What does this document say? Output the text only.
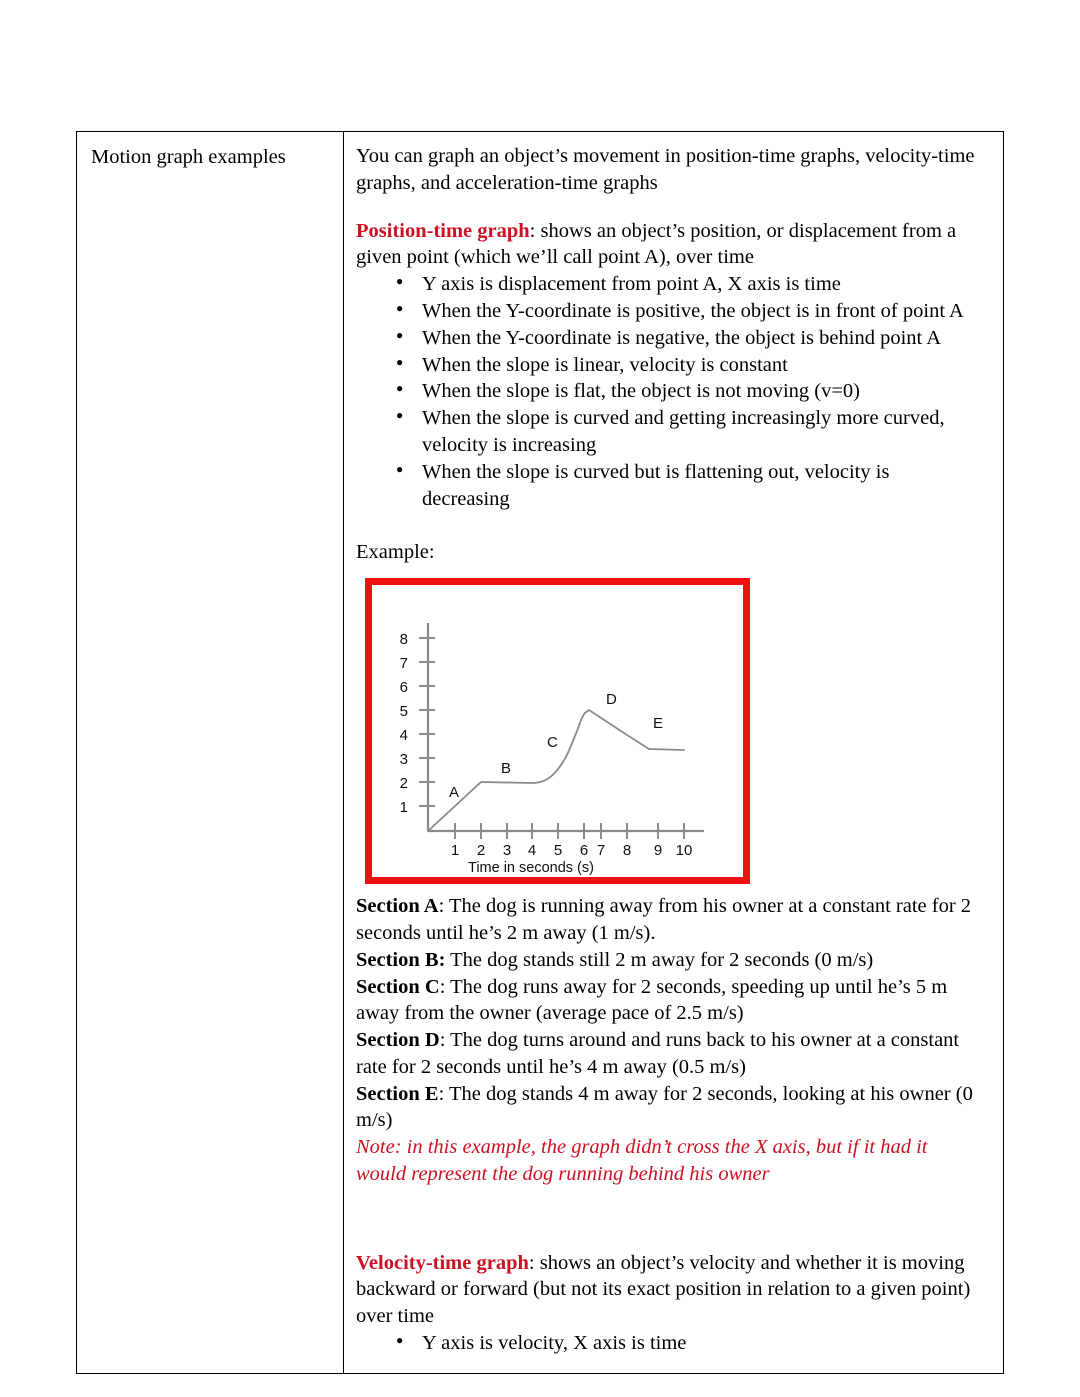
Motion graph examples	You can graph an object’s movement in position-time graphs, velocity-time graphs, and acceleration-time graphs

Position-time graph: shows an object’s position, or displacement from a given point (which we’ll call point A), over time

● Y axis is displacement from point A, X axis is time
● When the Y-coordinate is positive, the object is in front of point A
● When the Y-coordinate is negative, the object is behind point A
● When the slope is linear, velocity is constant
● When the slope is flat, the object is not moving (v=0)
● When the slope is curved and getting increasingly more curved, velocity is increasing
● When the slope is curved but is flattening out, velocity is decreasing

Example:

8
7
6
5
4
3
2
1
1	2	3	4	5	6 7	8	9 10
A
B
C
D
E
Time in seconds (s)

Section A: The dog is running away from his owner at a constant rate for 2 seconds until he’s 2 m away (1 m/s).

Section B: The dog stands still 2 m away for 2 seconds (0 m/s)

Section C: The dog runs away for 2 seconds, speeding up until he’s 5 m away from the owner (average pace of 2.5 m/s)

Section D: The dog turns around and runs back to his owner at a constant rate for 2 seconds until he’s 4 m away (0.5 m/s)

Section E: The dog stands 4 m away for 2 seconds, looking at his owner (0 m/s)

Note: in this example, the graph didn’t cross the X axis, but if it had it would represent the dog running behind his owner

Velocity-time graph: shows an object’s velocity and whether it is moving backward or forward (but not its exact position in relation to a given point) over time

● Y axis is velocity, X axis is time
